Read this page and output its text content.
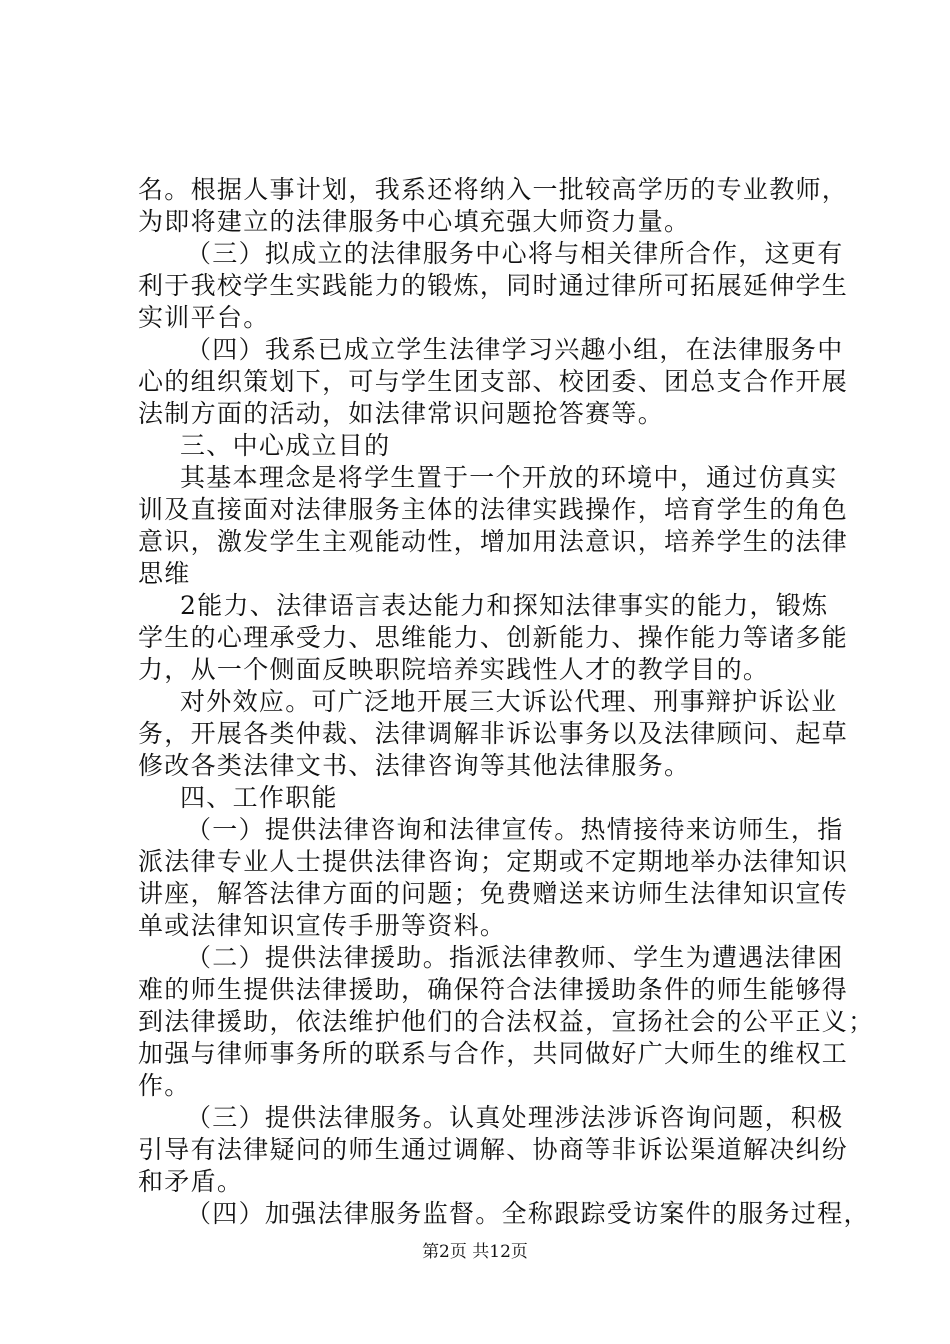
名。根据人事计划，我系还将纳入一批较高学历的专业教师，
为即将建立的法律服务中心填充强大师资力量。
（三）拟成立的法律服务中心将与相关律所合作，这更有
利于我校学生实践能力的锻炼，同时通过律所可拓展延伸学生
实训平台。
（四）我系已成立学生法律学习兴趣小组，在法律服务中
心的组织策划下，可与学生团支部、校团委、团总支合作开展
法制方面的活动，如法律常识问题抢答赛等。
三、中心成立目的
其基本理念是将学生置于一个开放的环境中，通过仿真实
训及直接面对法律服务主体的法律实践操作，培育学生的角色
意识，激发学生主观能动性，增加用法意识，培养学生的法律
思维
2能力、法律语言表达能力和探知法律事实的能力，锻炼
学生的心理承受力、思维能力、创新能力、操作能力等诸多能
力，从一个侧面反映职院培养实践性人才的教学目的。
对外效应。可广泛地开展三大诉讼代理、刑事辩护诉讼业
务，开展各类仲裁、法律调解非诉讼事务以及法律顾问、起草
修改各类法律文书、法律咨询等其他法律服务。
四、工作职能
（一）提供法律咨询和法律宣传。热情接待来访师生，指
派法律专业人士提供法律咨询；定期或不定期地举办法律知识
讲座，解答法律方面的问题；免费赠送来访师生法律知识宣传
单或法律知识宣传手册等资料。
（二）提供法律援助。指派法律教师、学生为遭遇法律困
难的师生提供法律援助，确保符合法律援助条件的师生能够得
到法律援助，依法维护他们的合法权益，宣扬社会的公平正义；
加强与律师事务所的联系与合作，共同做好广大师生的维权工
作。
（三）提供法律服务。认真处理涉法涉诉咨询问题，积极
引导有法律疑问的师生通过调解、协商等非诉讼渠道解决纠纷
和矛盾。
（四）加强法律服务监督。全称跟踪受访案件的服务过程，
第2页 共12页
